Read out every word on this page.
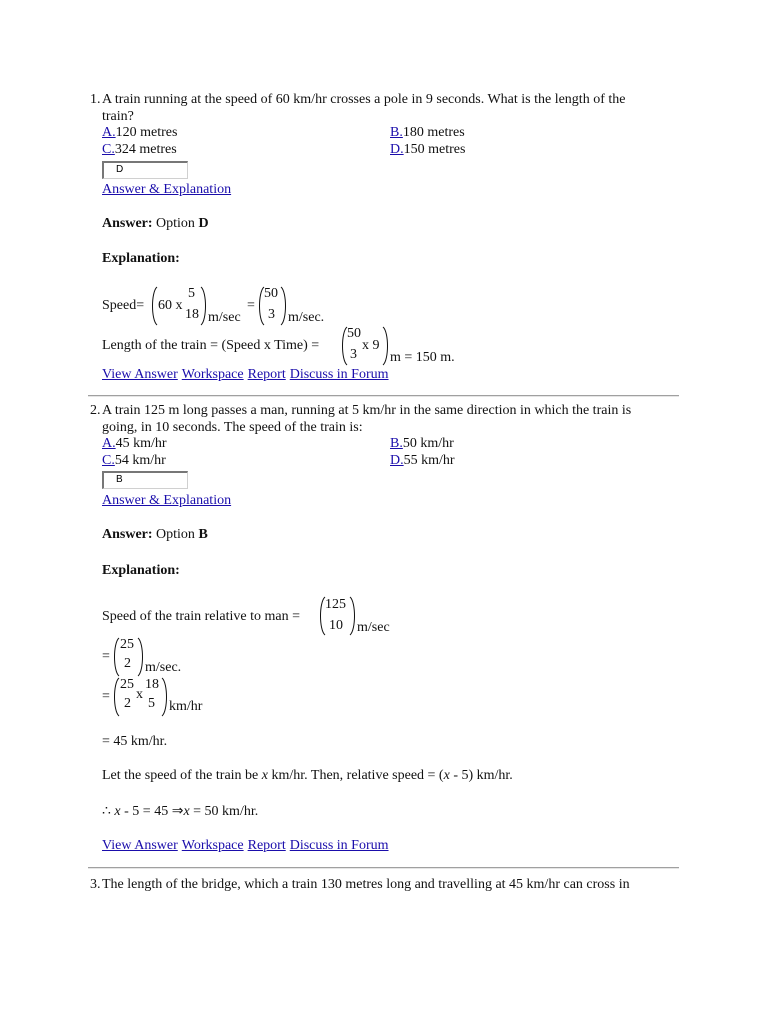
1. A train running at the speed of 60 km/hr crosses a pole in 9 seconds. What is the length of the
train?
A.120 metres	B.180 metres
C.324 metres	D.150 metres
D
Answer & Explanation
Answer: Option D
Explanation:
Speed= 60 x
5
18 m/sec
=
50
3 m/sec.
Length of the train = (Speed x Time) =
50
3
x 9
m = 150 m.
View Answer Workspace Report Discuss in Forum
2. A train 125 m long passes a man, running at 5 km/hr in the same direction in which the train is
going, in 10 seconds. The speed of the train is:
A.45 km/hr	B.50 km/hr
C.54 km/hr	D.55 km/hr
B
Answer & Explanation
Answer: Option B
Explanation:
Speed of the train relative to man =
125
10 m/sec
=
25
2 m/sec.
=
25
2
x
18
5 km/hr
= 45 km/hr.
Let the speed of the train be x km/hr. Then, relative speed = (x - 5) km/hr.
∴ x - 5 = 45 ⇒x = 50 km/hr.
View Answer Workspace Report Discuss in Forum
3. The length of the bridge, which a train 130 metres long and travelling at 45 km/hr can cross in
